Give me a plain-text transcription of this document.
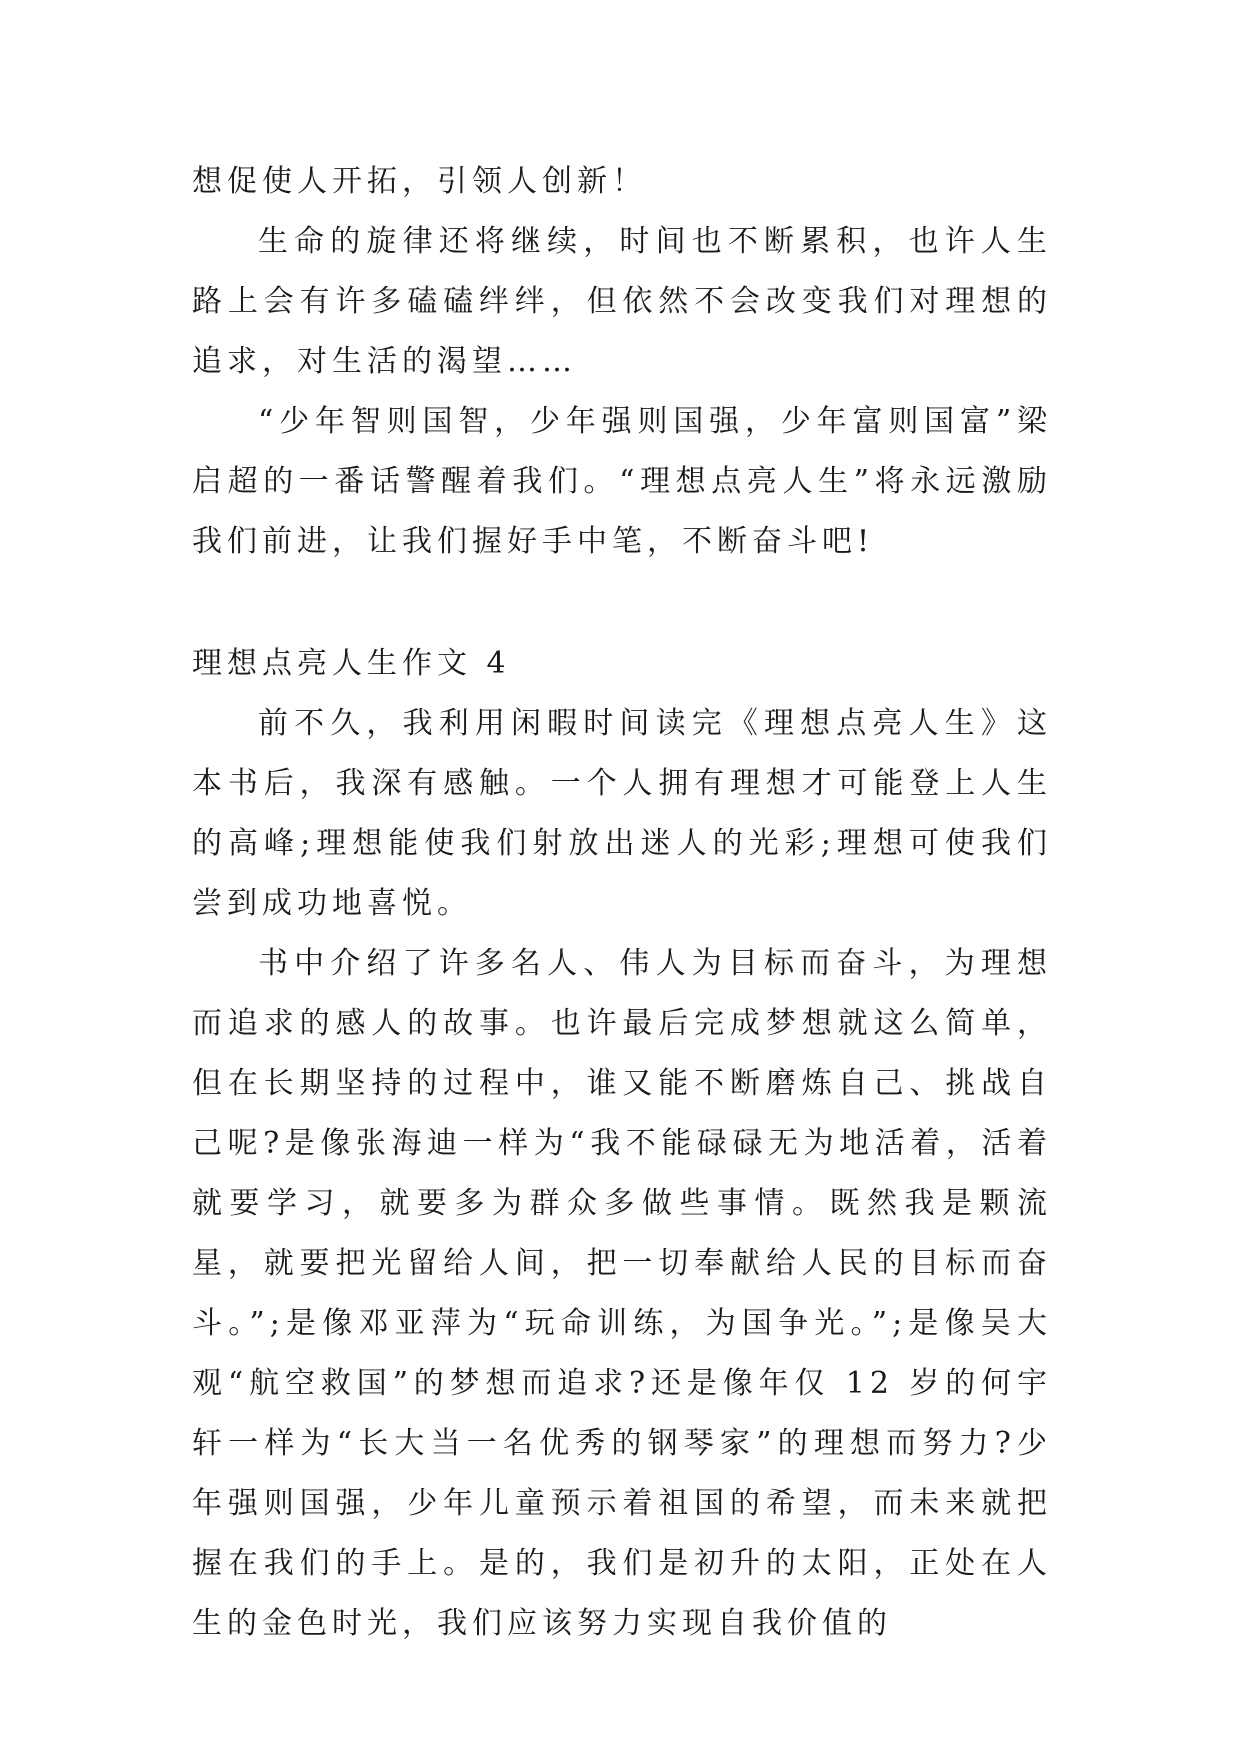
想促使人开拓，引领人创新！

生命的旋律还将继续，时间也不断累积，也许人生路上会有许多磕磕绊绊，但依然不会改变我们对理想的追求，对生活的渴望……

“少年智则国智，少年强则国强，少年富则国富”梁启超的一番话警醒着我们。“理想点亮人生”将永远激励我们前进，让我们握好手中笔，不断奋斗吧!

理想点亮人生作文 4

前不久，我利用闲暇时间读完《理想点亮人生》这本书后，我深有感触。一个人拥有理想才可能登上人生的高峰;理想能使我们射放出迷人的光彩;理想可使我们尝到成功地喜悦。

书中介绍了许多名人、伟人为目标而奋斗，为理想而追求的感人的故事。也许最后完成梦想就这么简单，但在长期坚持的过程中，谁又能不断磨炼自己、挑战自己呢?是像张海迪一样为“我不能碌碌无为地活着，活着就要学习，就要多为群众多做些事情。既然我是颗流星，就要把光留给人间，把一切奉献给人民的目标而奋斗。”;是像邓亚萍为“玩命训练，为国争光。”;是像吴大观“航空救国”的梦想而追求?还是像年仅 12 岁的何宇轩一样为“长大当一名优秀的钢琴家”的理想而努力?少年强则国强，少年儿童预示着祖国的希望，而未来就把握在我们的手上。是的，我们是初升的太阳，正处在人生的金色时光，我们应该努力实现自我价值的
